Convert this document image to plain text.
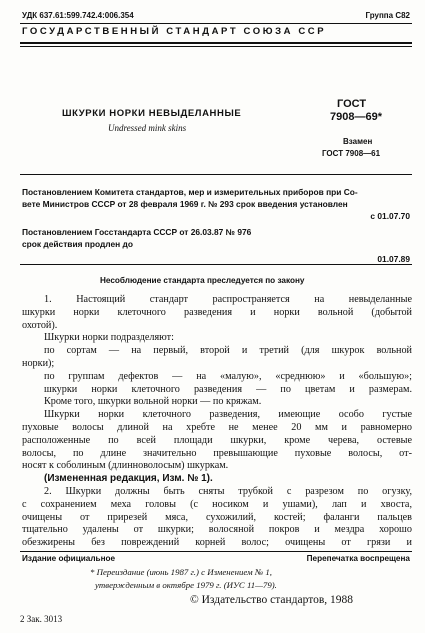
УДК 637.61:599.742.4:006.354	Группа С82
ГОСУДАРСТВЕННЫЙ СТАНДАРТ СОЮЗА ССР
ШКУРКИ НОРКИ НЕВЫДЕЛАННЫЕ
Undressed mink skins
ГОСТ
7908—69*
Взамен
ГОСТ 7908—61
Постановлением Комитета стандартов, мер и измерительных приборов при Со-
вете Министров СССР от 28 февраля 1969 г. № 293 срок введения установлен
с 01.07.70
Постановлением Госстандарта СССР от 26.03.87 № 976
срок действия продлен до
01.07.89
Несоблюдение стандарта преследуется по закону

1. Настоящий стандарт распространяется на невыделанные

шкурки норки клеточного разведения и норки вольной (добытой

охотой).

Шкурки норки подразделяют:

по сортам — на первый, второй и третий (для шкурок вольной

норки);

по группам дефектов — на «малую», «среднюю» и «большую»;

шкурки норки клеточного разведения — по цветам и размерам.

Кроме того, шкурки вольной норки — по кряжам.

Шкурки норки клеточного разведения, имеющие особо густые

пуховые волосы длиной на хребте не менее 20 мм и равномерно

расположенные по всей площади шкурки, кроме черева, остевые

волосы, по длине значительно превышающие пуховые волосы, от-

носят к соболиным (длинноволосым) шкуркам.

(Измененная редакция, Изм. № 1).

2. Шкурки должны быть сняты трубкой с разрезом по огузку,

с сохранением меха головы (с носиком и ушами), лап и хвоста,

очищены от прирезей мяса, сухожилий, костей; фаланги пальцев

тщательно удалены от шкурки; волосяной покров и мездра хорошо

обезжирены без повреждений корней волос; очищены от грязи и

Издание официальное	Перепечатка воспрещена
* Переиздание (июнь 1987 г.) с Изменением № 1,
утвержденным в октябре 1979 г. (ИУС 11—79).
© Издательство стандартов, 1988
2 Зак. 3013
